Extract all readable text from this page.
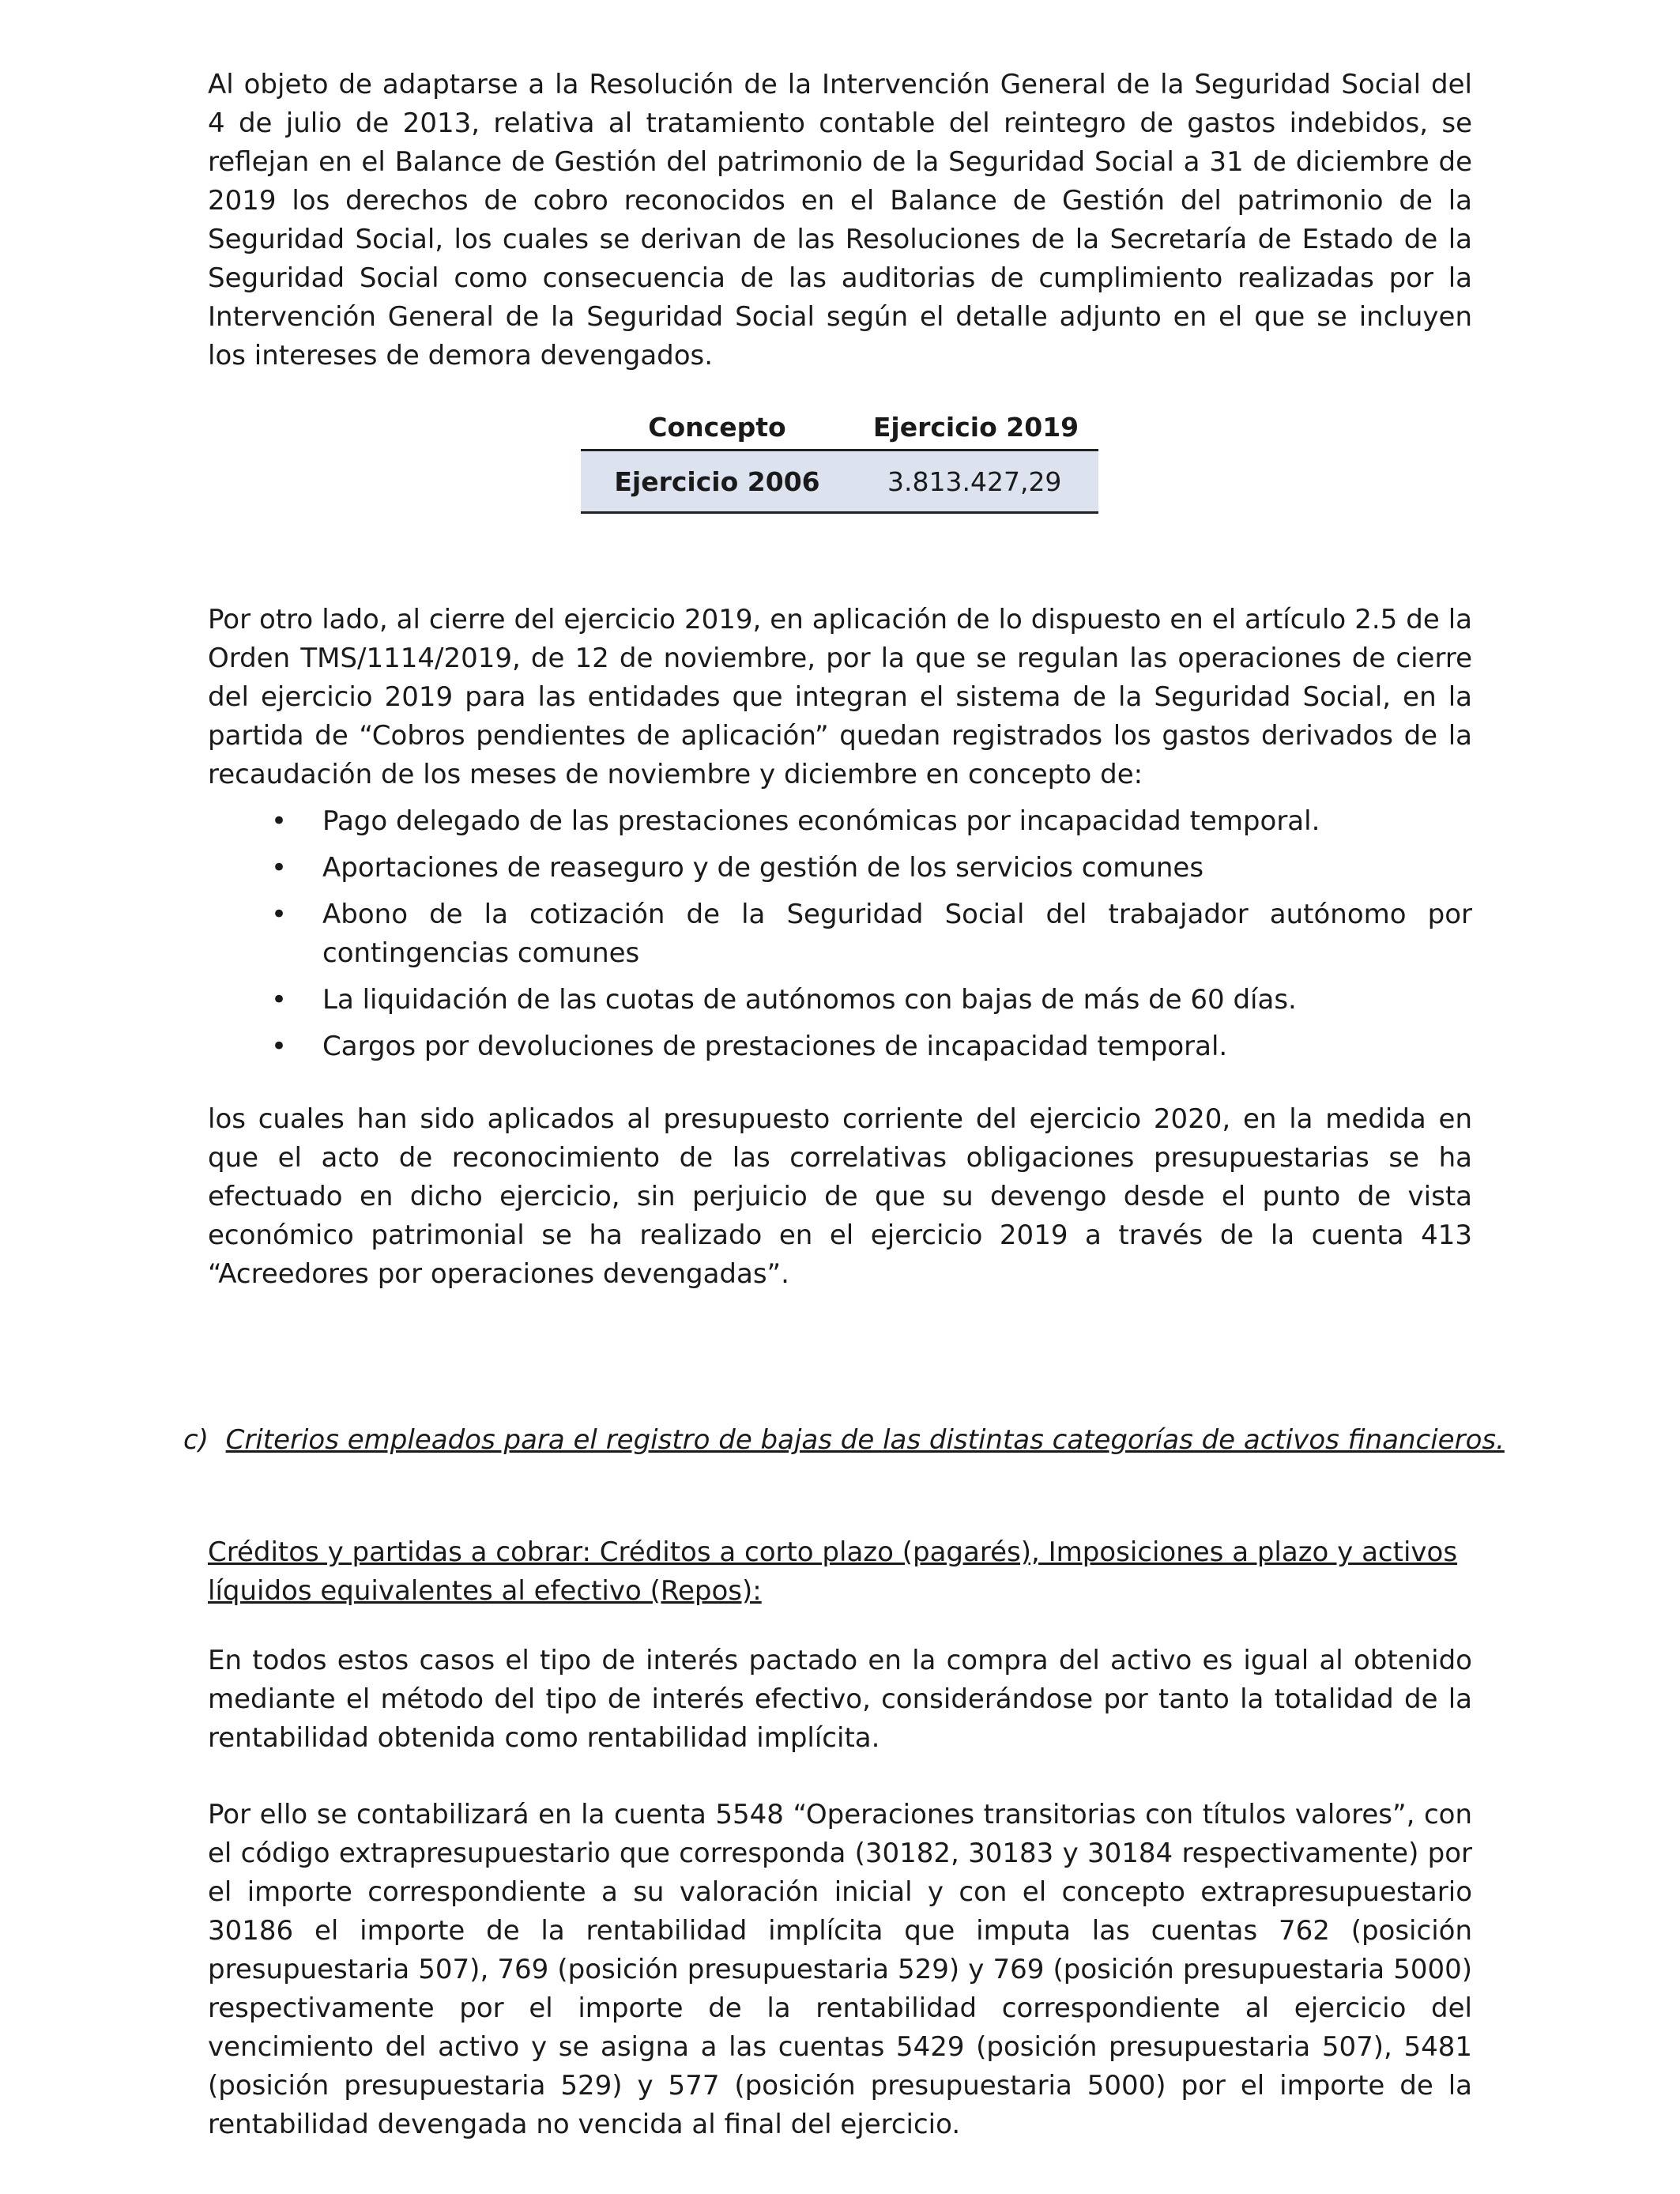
Al objeto de adaptarse a la Resolución de la Intervención General de la Seguridad Social del 4 de julio de 2013, relativa al tratamiento contable del reintegro de gastos indebidos, se reflejan en el Balance de Gestión del patrimonio de la Seguridad Social a 31 de diciembre de 2019 los derechos de cobro reconocidos en el Balance de Gestión del patrimonio de la Seguridad Social, los cuales se derivan de las Resoluciones de la Secretaría de Estado de la Seguridad Social como consecuencia de las auditorias de cumplimiento realizadas por la Intervención General de la Seguridad Social según el detalle adjunto en el que se incluyen los intereses de demora devengados.

Concepto	Ejercicio 2019
Ejercicio 2006	3.813.427,29

Por otro lado, al cierre del ejercicio 2019, en aplicación de lo dispuesto en el artículo 2.5 de la Orden TMS/1114/2019, de 12 de noviembre, por la que se regulan las operaciones de cierre del ejercicio 2019 para las entidades que integran el sistema de la Seguridad Social, en la partida de “Cobros pendientes de aplicación” quedan registrados los gastos derivados de la recaudación de los meses de noviembre y diciembre en concepto de:

• Pago delegado de las prestaciones económicas por incapacidad temporal.
• Aportaciones de reaseguro y de gestión de los servicios comunes
• Abono de la cotización de la Seguridad Social del trabajador autónomo por contingencias comunes
• La liquidación de las cuotas de autónomos con bajas de más de 60 días.
• Cargos por devoluciones de prestaciones de incapacidad temporal.

los cuales han sido aplicados al presupuesto corriente del ejercicio 2020, en la medida en que el acto de reconocimiento de las correlativas obligaciones presupuestarias se ha efectuado en dicho ejercicio, sin perjuicio de que su devengo desde el punto de vista económico patrimonial se ha realizado en el ejercicio 2019 a través de la cuenta 413 “Acreedores por operaciones devengadas”.

c) Criterios empleados para el registro de bajas de las distintas categorías de activos financieros.

Créditos y partidas a cobrar: Créditos a corto plazo (pagarés), Imposiciones a plazo y activos líquidos equivalentes al efectivo (Repos):

En todos estos casos el tipo de interés pactado en la compra del activo es igual al obtenido mediante el método del tipo de interés efectivo, considerándose por tanto la totalidad de la rentabilidad obtenida como rentabilidad implícita.

Por ello se contabilizará en la cuenta 5548 “Operaciones transitorias con títulos valores”, con el código extrapresupuestario que corresponda (30182, 30183 y 30184 respectivamente) por el importe correspondiente a su valoración inicial y con el concepto extrapresupuestario 30186 el importe de la rentabilidad implícita que imputa las cuentas 762 (posición presupuestaria 507), 769 (posición presupuestaria 529) y 769 (posición presupuestaria 5000) respectivamente por el importe de la rentabilidad correspondiente al ejercicio del vencimiento del activo y se asigna a las cuentas 5429 (posición presupuestaria 507), 5481 (posición presupuestaria 529) y 577 (posición presupuestaria 5000) por el importe de la rentabilidad devengada no vencida al final del ejercicio.
